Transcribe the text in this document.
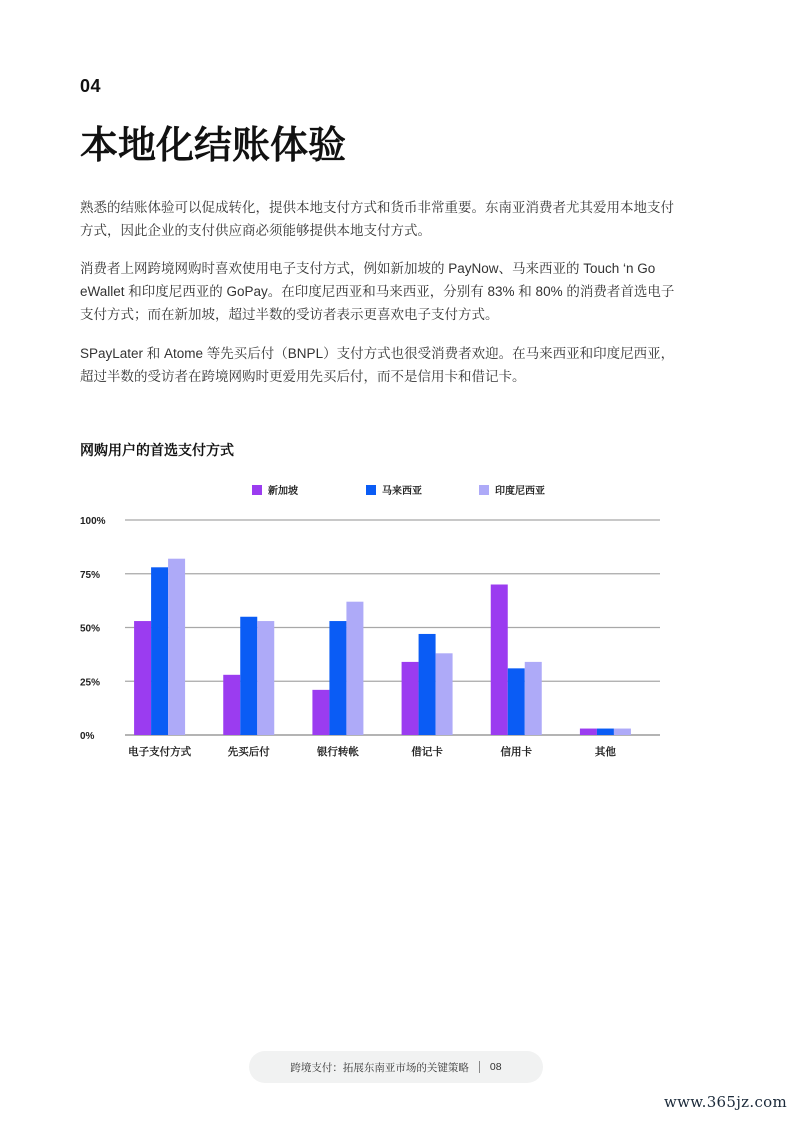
04
本地化结账体验

熟悉的结账体验可以促成转化，提供本地支付方式和货币非常重要。东南亚消费者尤其爱用本地支付方式，因此企业的支付供应商必须能够提供本地支付方式。

消费者上网跨境网购时喜欢使用电子支付方式，例如新加坡的 PayNow、马来西亚的 Touch ‘n Go eWallet 和印度尼西亚的 GoPay。在印度尼西亚和马来西亚，分别有 83% 和 80% 的消费者首选电子支付方式；而在新加坡，超过半数的受访者表示更喜欢电子支付方式。

SPayLater 和 Atome 等先买后付（BNPL）支付方式也很受消费者欢迎。在马来西亚和印度尼西亚，超过半数的受访者在跨境网购时更爱用先买后付，而不是信用卡和借记卡。

网购用户的首选支付方式
0%
25%
50%
75%
100%
新加坡	马来西亚	印度尼西亚
电子支付方式	先买后付	银行转帐	借记卡	信用卡	其他
跨境支付：拓展东南亚市场的关键策略 08
www.365jz.com
